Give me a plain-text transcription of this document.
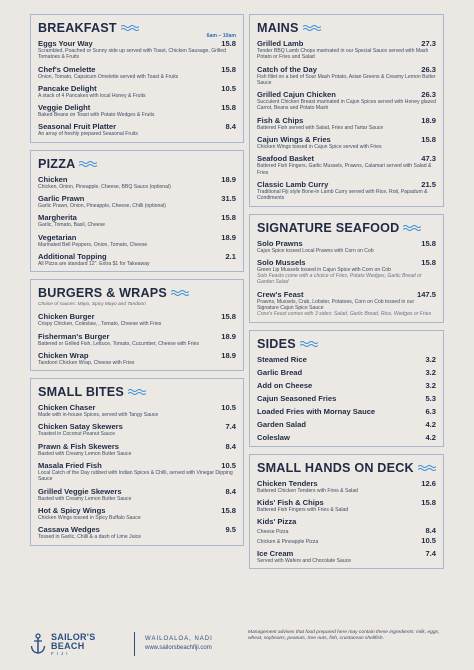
BREAKFAST
6am – 10am
Eggs Your Way	15.8
Scrambled, Poached or Sunny side up served with Toast, Chicken Sausage, Grilled Tomatoes & Fruits
Chef's Omelette	15.8
Onion, Tomato, Capsicum Omelette served with Toast & Fruits
Pancake Delight	10.5
A stack of 4 Pancakes with local Honey & Fruits
Veggie Delight	15.8
Baked Beans on Toast with Potato Wedges & Fruits
Seasonal Fruit Platter	8.4
An array of freshly prepared Seasonal Fruits
PIZZA
Chicken	18.9
Chicken, Onion, Pineapple, Cheese, BBQ Sauce (optional)
Garlic Prawn	31.5
Garlic Prawn, Onion, Pineapple, Cheese, Chilli (optional)
Margherita	15.8
Garlic, Tomato, Basil, Cheese
Vegetarian	18.9
Marinated Bell Peppers, Onion, Tomato, Cheese
Additional Topping	2.1
All Pizza are standard 12". Extra $1 for Takeaway
BURGERS & WRAPS
Choice of sauces: Mayo, Spicy Mayo and Tandoori
Chicken Burger	15.8
Crispy Chicken, Coleslaw, , Tomato, Cheese with Fries
Fisherman's Burger	18.9
Battered or Grilled Fish, Lettuce, Tomato, Cucumber, Cheese with Fries
Chicken Wrap	18.9
Tandoori Chicken Wrap, Cheese with Fries
SMALL BITES
Chicken Chaser	10.5
Made with in-house Spices, served with Tangy Sauce
Chicken Satay Skewers	7.4
Toasted in Coconut Peanut Sauce
Prawn & Fish Skewers	8.4
Basted with Creamy Lemon Butter Sauce
Masala Fried Fish	10.5
Local Catch of the Day rubbed with Indian Spices & Chilli, served with Vinegar Dipping Sauce
Grilled Veggie Skewers	8.4
Basted with Creamy Lemon Butter Sauce
Hot & Spicy Wings	15.8
Chicken Wings tossed in Spicy Buffalo Sauce
Cassava Wedges	9.5
Tossed in Garlic, Chilli & a dash of Lime Juice
MAINS
Grilled Lamb	27.3
Tender BBQ Lamb Chops marinated in our Special Sauce served with Mash Potato or Fries and Salad
Catch of the Day	26.3
Fish fillet on a bed of Sour Mash Potato, Asian Greens & Creamy Lemon Butter Sauce
Grilled Cajun Chicken	26.3
Succulent Chicken Breast marinated in Cajun Spices served with Honey glazed Carrot, Beans and Potato Mash
Fish & Chips	18.9
Battered Fish served with Salad, Fries and Tartar Sauce
Cajun Wings & Fries	15.8
Chicken Wings tossed in Cajun Spice served with Fries
Seafood Basket	47.3
Battered Fish Fingers, Garlic Mussels, Prawns, Calamari served with Salad & Fries
Classic Lamb Curry	21.5
Traditional Fiji style Bone-in Lamb Curry served with Rice, Roti, Papadum & Condiments
SIGNATURE SEAFOOD
Solo Prawns	15.8
Cajun Spice tossed Local Prawns with Corn on Cob
Solo Mussels	15.8
Green Lip Mussels tossed in Cajun Spice with Corn on Cob
Solo Feasts come with a choice of Fries, Potato Wedges, Garlic Bread or Garden Salad
Crew's Feast	147.5
Prawns, Mussels, Crab, Lobster, Potatoes, Corn on Cob tossed in our Signature Cajun Spice Sauce
Crew's Feast comes with 3 sides: Salad, Garlic Bread, Rice, Wedges or Fries
SIDES
Steamed Rice	3.2
Garlic Bread	3.2
Add on Cheese	3.2
Cajun Seasoned Fries	5.3
Loaded Fries with Mornay Sauce	6.3
Garden Salad	4.2
Coleslaw	4.2
SMALL HANDS ON DECK
Chicken Tenders	12.6
Battered Chicken Tenders with Fries & Salad
Kids' Fish & Chips	15.8
Battered Fish Fingers with Fries & Salad
Kids' Pizza
Cheese Pizza	8.4
Chicken & Pineapple Pizza	10.5
Ice Cream	7.4
Served with Wafers and Chocolate Sauce
SAILOR'S
BEACH
FIJI
WAILOALOA, NADI
www.sailorsbeachfiji.com
Management advises that food prepared here may contain these ingredients: milk, eggs, wheat, soybeans, peanuts, tree nuts, fish, crustacean shellfish.
